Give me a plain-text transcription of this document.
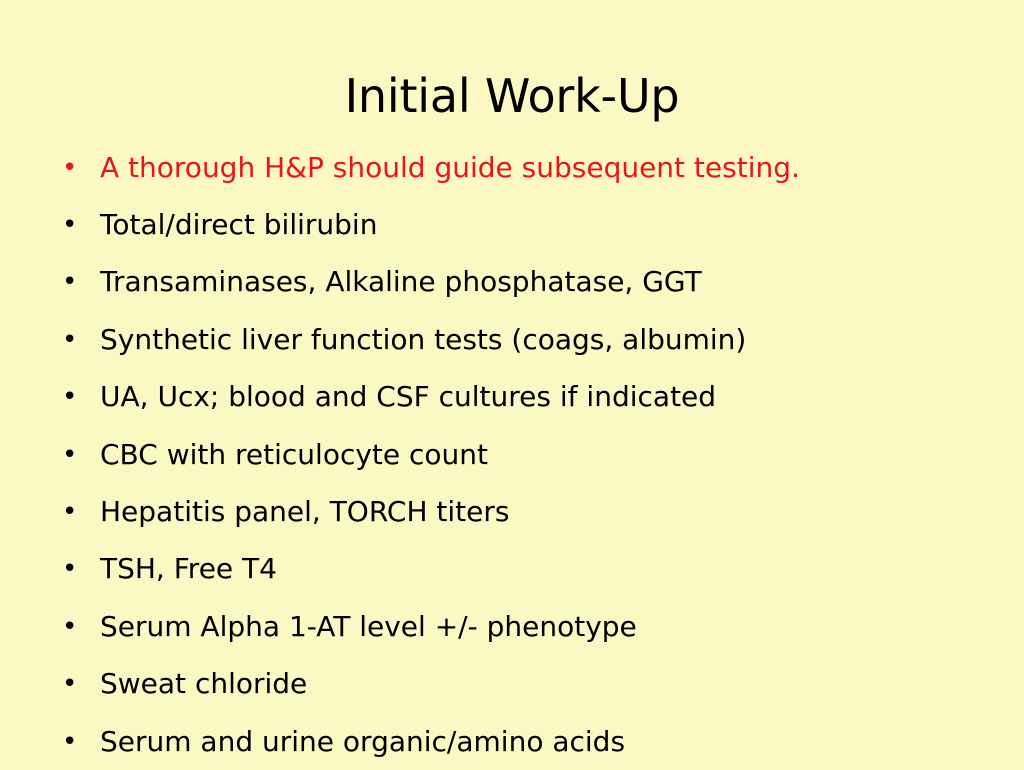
Initial Work-Up
• A thorough H&P should guide subsequent testing.
• Total/direct bilirubin
• Transaminases, Alkaline phosphatase, GGT
• Synthetic liver function tests (coags, albumin)
• UA, Ucx; blood and CSF cultures if indicated
• CBC with reticulocyte count
• Hepatitis panel, TORCH titers
• TSH, Free T4
• Serum Alpha 1-AT level +/- phenotype
• Sweat chloride
• Serum and urine organic/amino acids
